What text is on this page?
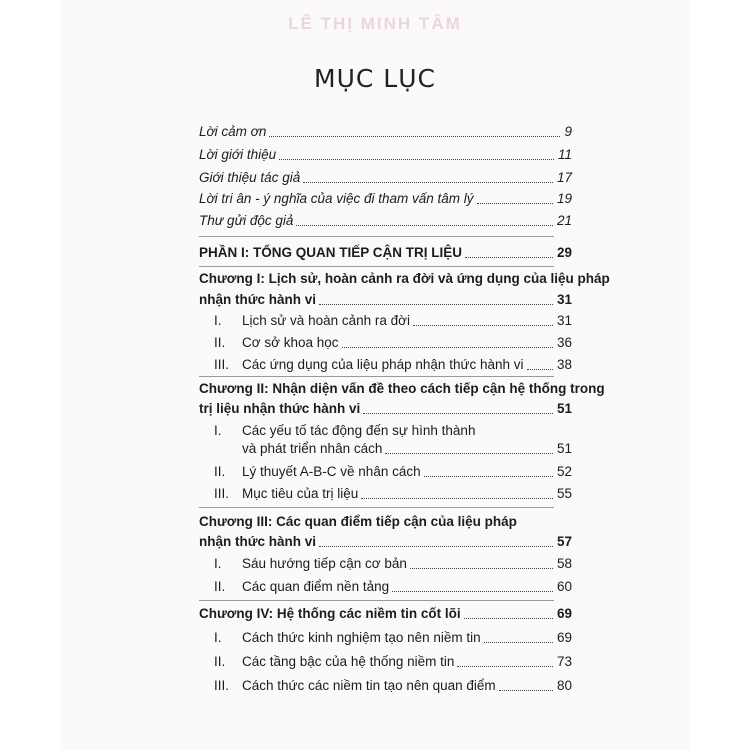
LÊ THỊ MINH TÂM
MỤC LỤC
Lời cảm ơn	9
Lời giới thiệu	11
Giới thiệu tác giả	17
Lời tri ân - ý nghĩa của việc đi tham vấn tâm lý	19
Thư gửi độc giả	21
PHẦN I: TỔNG QUAN TIẾP CẬN TRỊ LIỆU	29
Chương I: Lịch sử, hoàn cảnh ra đời và ứng dụng của liệu pháp
nhận thức hành vi	31
I. Lịch sử và hoàn cảnh ra đời	31
II. Cơ sở khoa học	36
III. Các ứng dụng của liệu pháp nhận thức hành vi 38
Chương II: Nhận diện vấn đề theo cách tiếp cận hệ thống trong
trị liệu nhận thức hành vi	51
I. Các yếu tố tác động đến sự hình thành
và phát triển nhân cách	51
II. Lý thuyết A-B-C về nhân cách	52
III. Mục tiêu của trị liệu	55
Chương III: Các quan điểm tiếp cận của liệu pháp
nhận thức hành vi	57
I. Sáu hướng tiếp cận cơ bản	58
II. Các quan điểm nền tảng	60
Chương IV: Hệ thống các niềm tin cốt lõi	69
I. Cách thức kinh nghiệm tạo nên niềm tin	69
II. Các tầng bậc của hệ thống niềm tin	73
III. Cách thức các niềm tin tạo nên quan điểm	80
